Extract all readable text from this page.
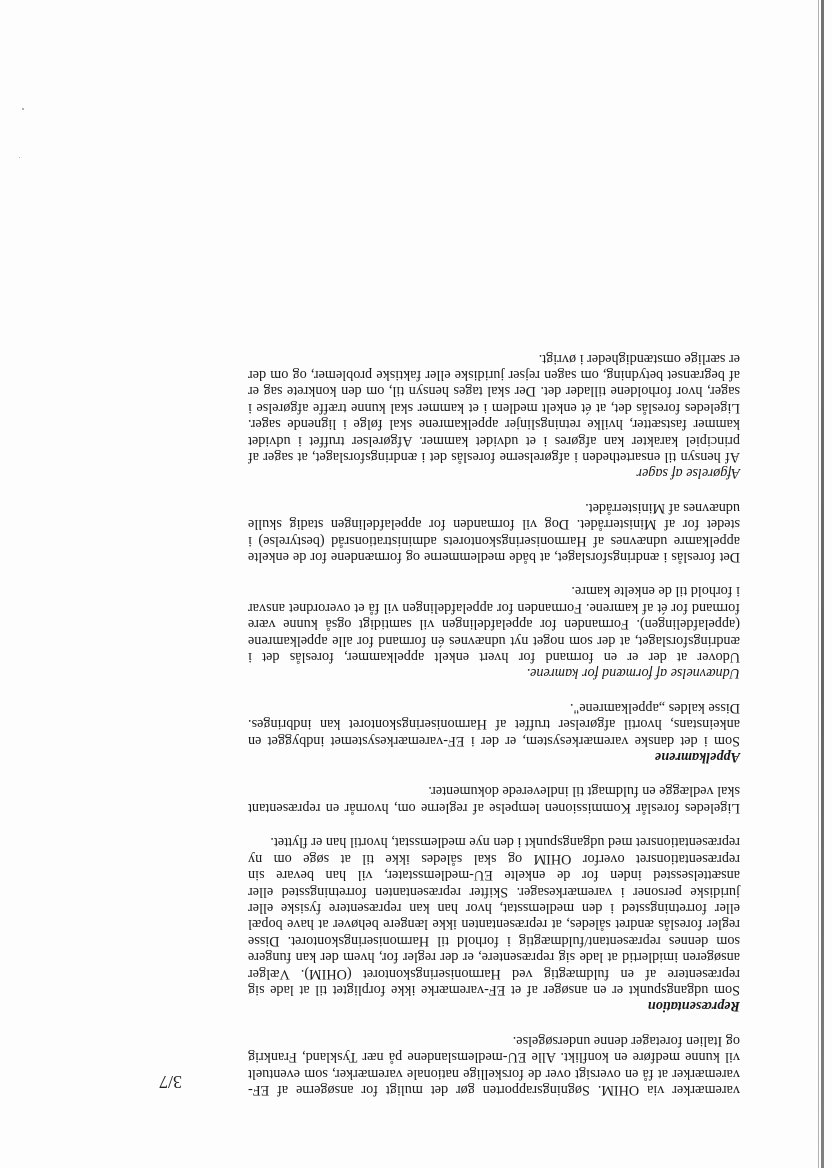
3/7	varemærker via OHIM. Søgningsrapporten gør det muligt for ansøgerne af EF-varemærker at få en oversigt over de forskellige nationale varemærker, som eventuelt vil kunne medføre en konflikt. Alle EU-medlemslandene på nær Tyskland, Frankrig og Italien foretager denne undersøgelse.

Repræsentation

Som udgangspunkt er en ansøger af et EF-varemærke ikke forpligtet til at lade sig repræsentere af en fuldmægtig ved Harmoniseringskontoret (OHIM). Vælger ansøgeren imidlertid at lade sig repræsentere, er der regler for, hvem der kan fungere som dennes repræsentant/fuldmægtig i forhold til Harmoniseringskontoret. Disse regler foreslås ændret således, at repræsentanten ikke længere behøver at have bopæl eller forretningssted i den medlemsstat, hvor han kan repræsentere fysiske eller juridiske personer i varemærkesager. Skifter repræsentanten forretningssted eller ansættelsessted inden for de enkelte EU-medlemsstater, vil han bevare sin repræsentationsret overfor OHIM og skal således ikke til at søge om ny repræsentationsret med udgangspunkt i den nye medlemsstat, hvortil han er flyttet.

Ligeledes foreslår Kommissionen lempelse af reglerne om, hvornår en repræsentant skal vedlægge en fuldmagt til indleverede dokumenter.

Appelkamrene

Som i det danske varemærkesystem, er der i EF-varemærkesystemet indbygget en ankeinstans, hvortil afgørelser truffet af Harmoniseringskontoret kan indbringes. Disse kaldes „appelkamrene".

Udnævnelse af formænd for kamrene.

Udover at der er en formand for hvert enkelt appelkammer, foreslås det i ændringsforslaget, at der som noget nyt udnævnes én formand for alle appelkamrene (appelafdelingen). Formanden for appelafdelingen vil samtidigt også kunne være formand for ét af kamrene. Formanden for appelafdelingen vil få et overordnet ansvar i forhold til de enkelte kamre.

Det foreslås i ændringsforslaget, at både medlemmerne og formændene for de enkelte appelkamre udnævnes af Harmoniseringskontorets administrationsråd (bestyrelse) i stedet for af Ministerrådet. Dog vil formanden for appelafdelingen stadig skulle udnævnes af Ministerrådet.

Afgørelse af sager

Af hensyn til ensartetheden i afgørelserne foreslås det i ændringsforslaget, at sager af principiel karakter kan afgøres i et udvidet kammer. Afgørelser truffet i udvidet kammer fastsætter, hvilke retningslinjer appelkamrene skal følge i lignende sager. Ligeledes foreslås det, at ét enkelt medlem i et kammer skal kunne træffe afgørelse i sager, hvor forholdene tillader det. Der skal tages hensyn til, om den konkrete sag er af begrænset betydning, om sagen rejser juridiske eller faktiske problemer, og om der er særlige omstændigheder i øvrigt.
